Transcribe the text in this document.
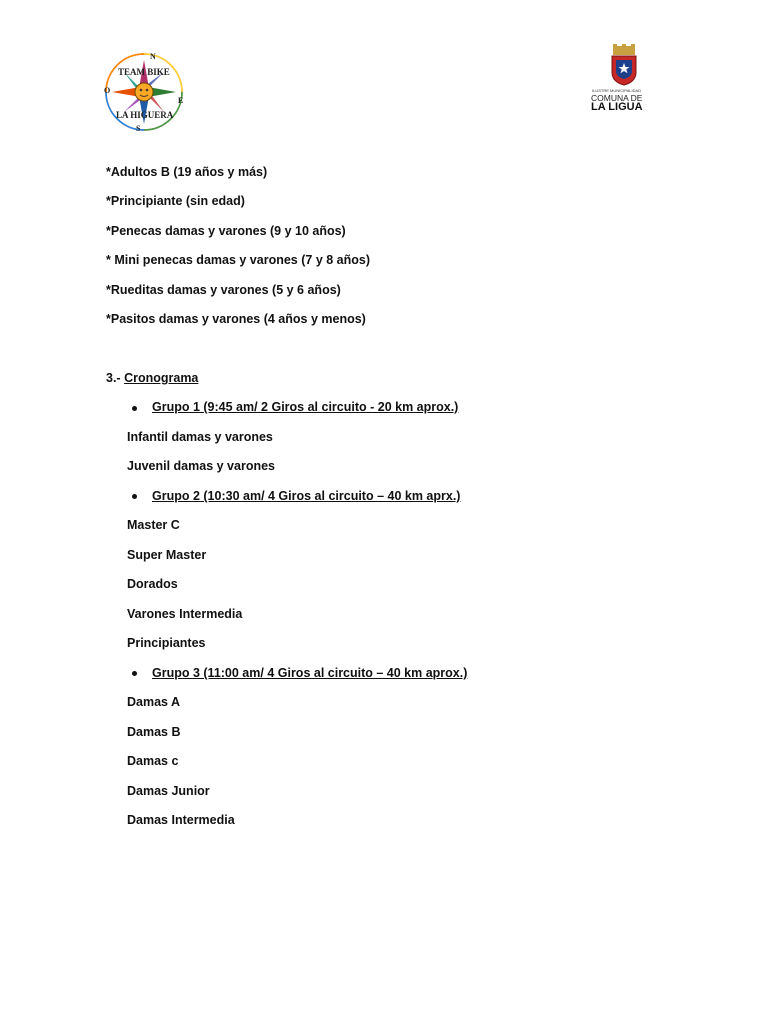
N
O
E
S
TEAM BIKE
LA HIGUERA
ILUSTRE MUNICIPALIDAD
COMUNA DE
LA LIGUA
*Adultos B (19 años y más)
*Principiante (sin edad)
*Penecas damas y varones (9 y 10 años)
* Mini penecas damas y varones (7 y 8 años)
*Rueditas damas y varones (5 y 6 años)
*Pasitos damas y varones (4 años y menos)
3.- Cronograma
Grupo 1 (9:45 am/ 2 Giros al circuito - 20 km aprox.)
Infantil damas y varones
Juvenil damas y varones
Grupo 2 (10:30 am/ 4 Giros al circuito – 40 km aprx.)
Master C
Super Master
Dorados
Varones Intermedia
Principiantes
Grupo 3 (11:00 am/ 4 Giros al circuito – 40 km aprox.)
Damas A
Damas B
Damas c
Damas Junior
Damas Intermedia
